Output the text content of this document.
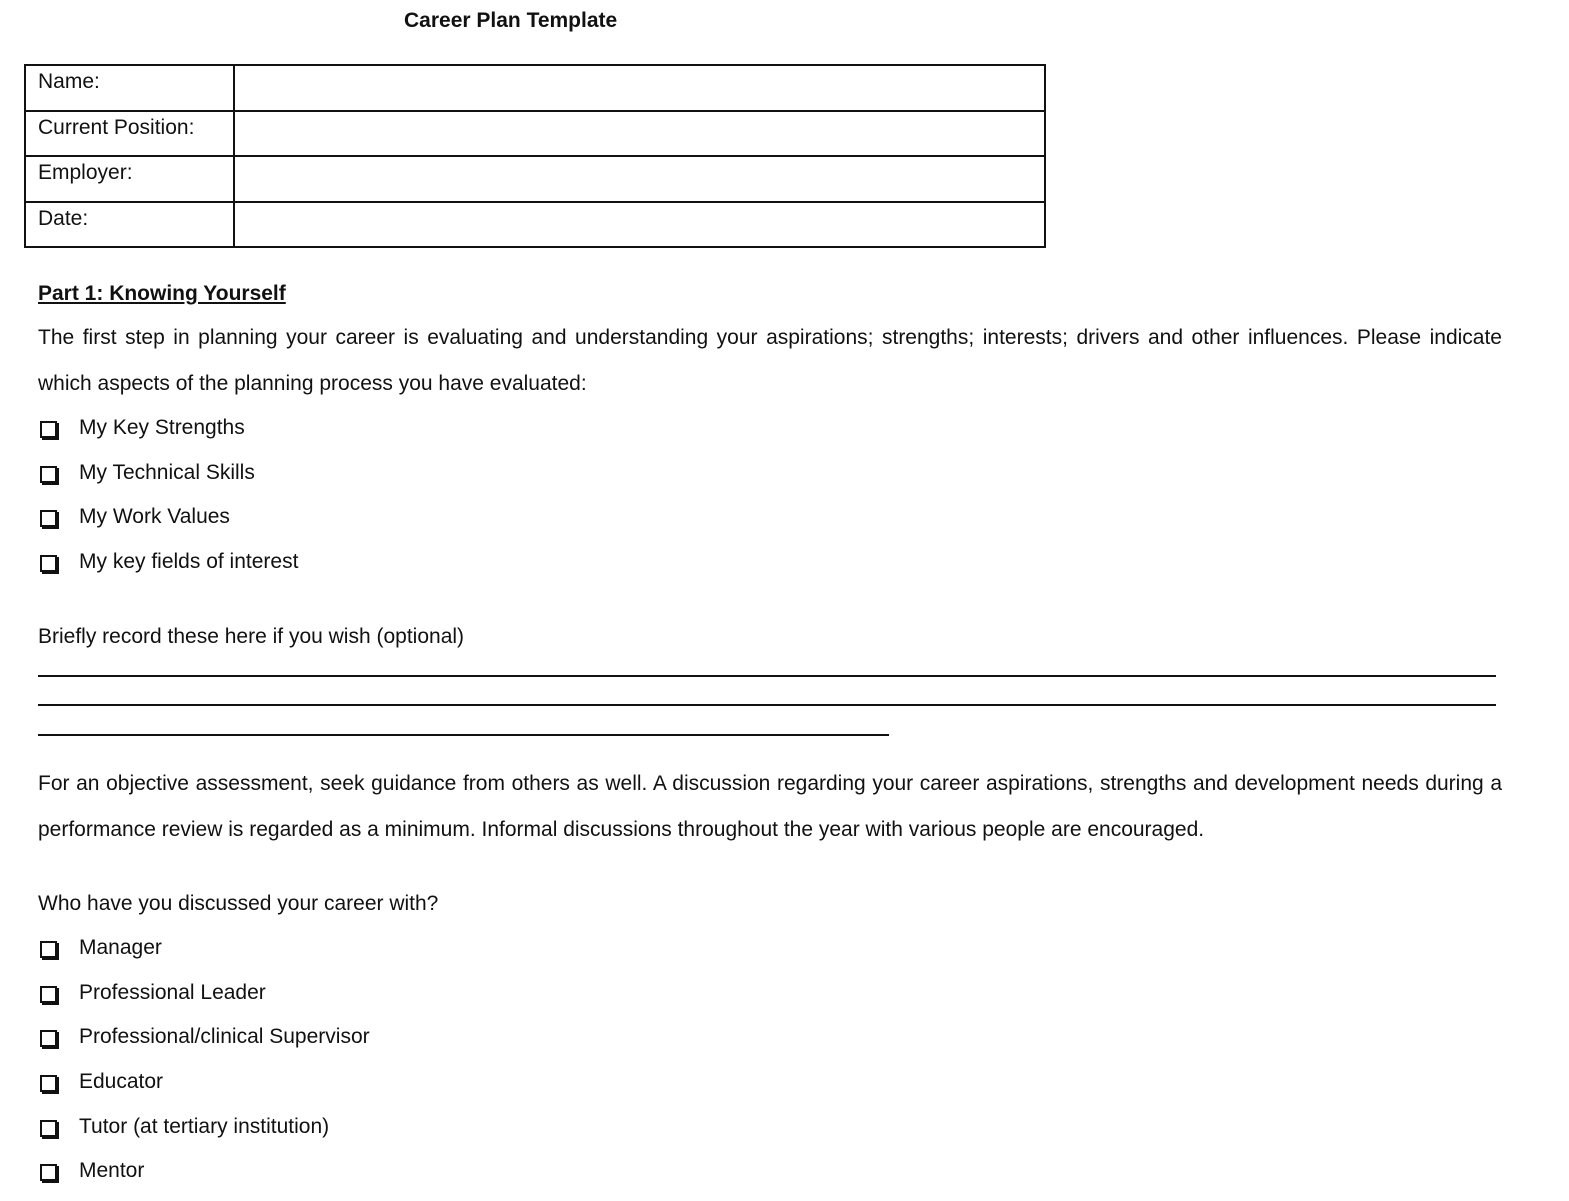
Career Plan Template
Name:	
Current Position:	
Employer:	
Date:	
Part 1: Knowing Yourself
The first step in planning your career is evaluating and understanding your aspirations; strengths; interests; drivers and other influences. Please indicate which aspects of the planning process you have evaluated:
My Key Strengths
My Technical Skills
My Work Values
My key fields of interest
Briefly record these here if you wish (optional)
For an objective assessment, seek guidance from others as well. A discussion regarding your career aspirations, strengths and development needs during a performance review is regarded as a minimum. Informal discussions throughout the year with various people are encouraged.
Who have you discussed your career with?
Manager
Professional Leader
Professional/clinical Supervisor
Educator
Tutor (at tertiary institution)
Mentor
